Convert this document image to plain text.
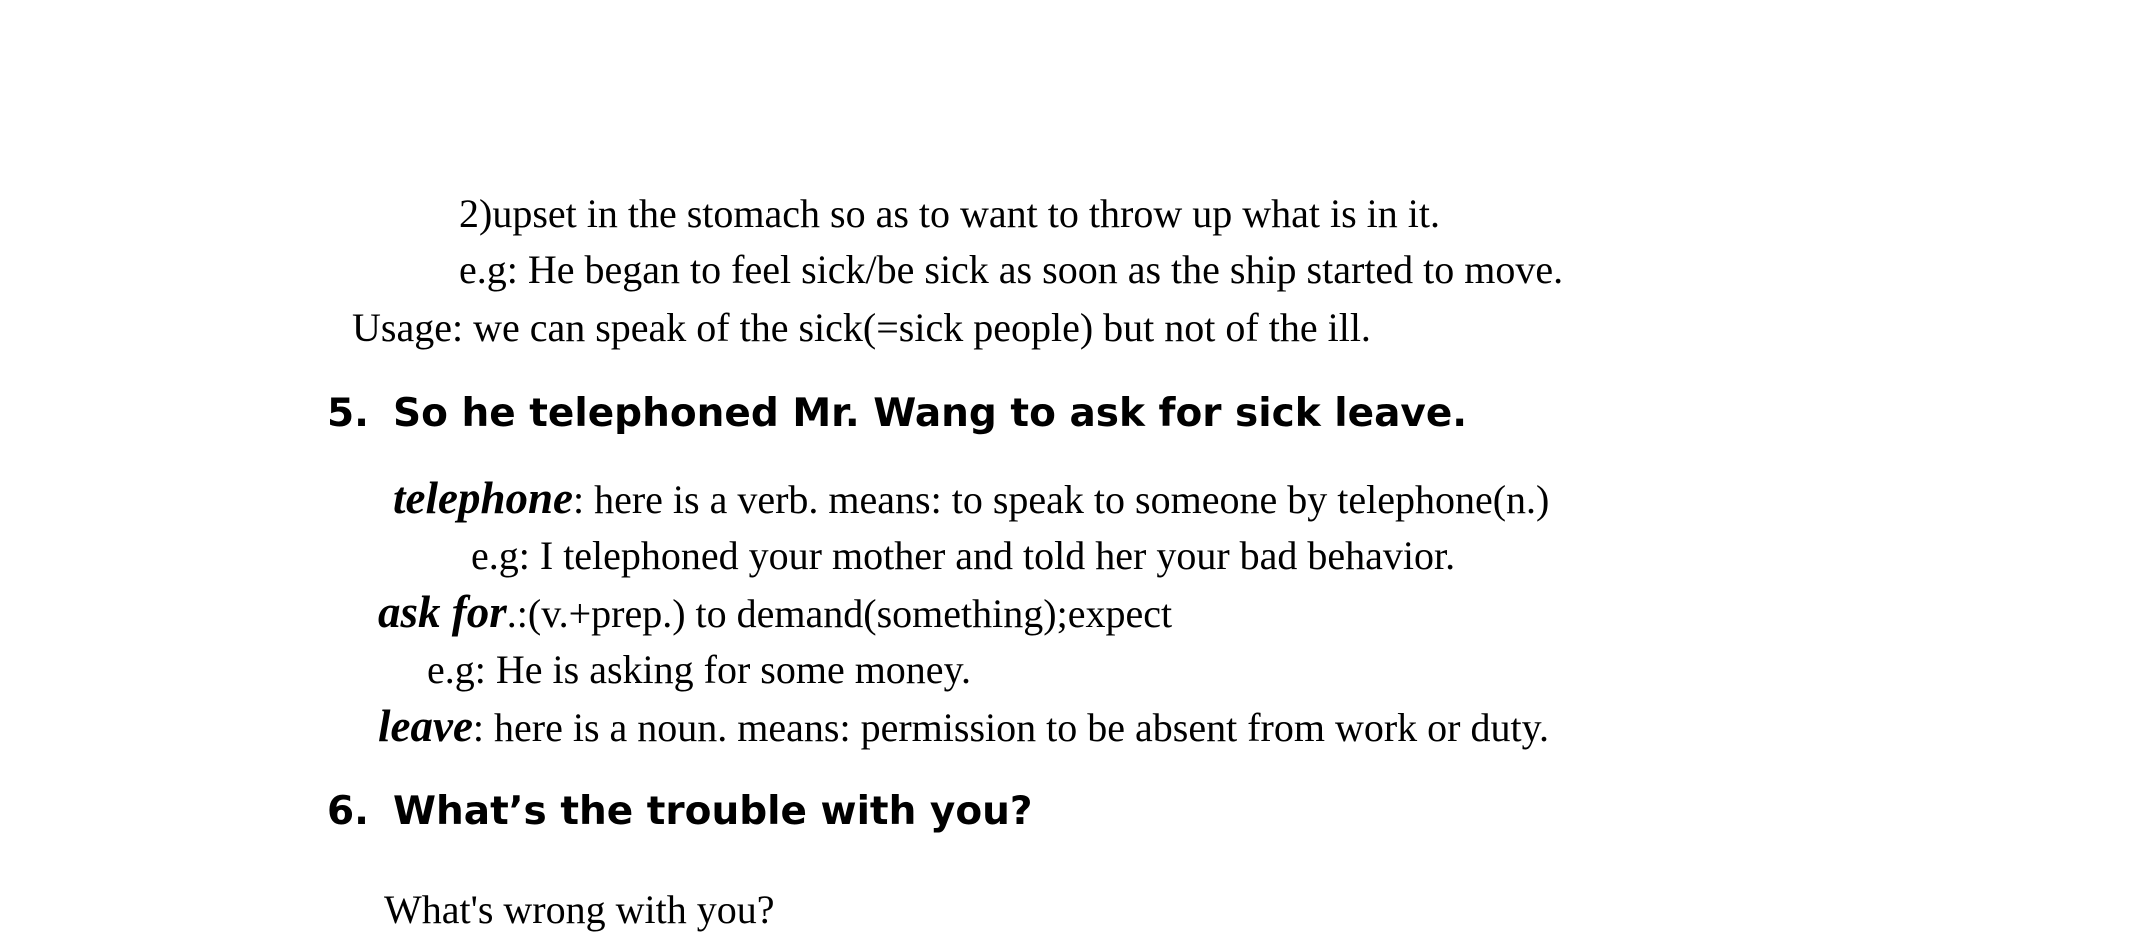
2)upset in the stomach so as to want to throw up what is in it.
e.g: He began to feel sick/be sick as soon as the ship started to move.
Usage: we can speak of the sick(=sick people) but not of the ill.
5. So he telephoned Mr. Wang to ask for sick leave.
telephone: here is a verb. means: to speak to someone by telephone(n.)
e.g: I telephoned your mother and told her your bad behavior.
ask for.:(v.+prep.) to demand(something);expect
e.g: He is asking for some money.
leave: here is a noun. means: permission to be absent from work or duty.
6. What’s the trouble with you?
What's wrong with you?
